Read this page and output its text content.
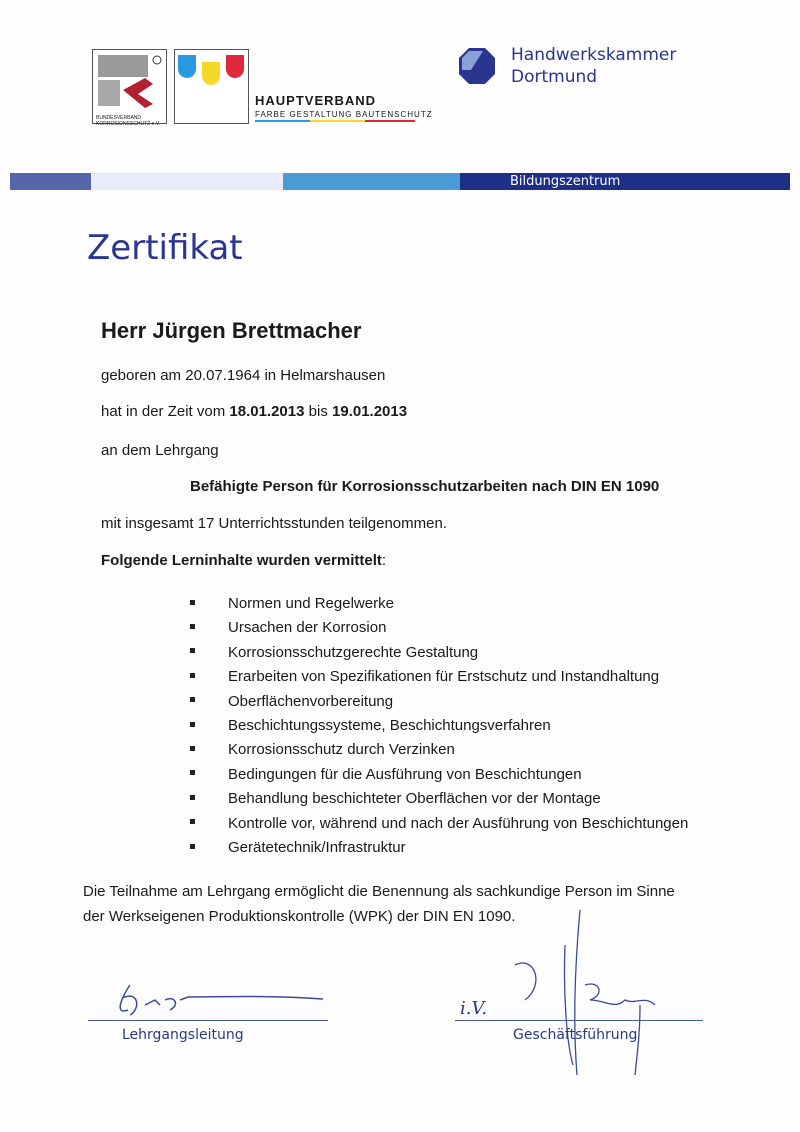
BUNDESVERBAND KORROSIONSSCHUTZ e.V.
HAUPTVERBAND
FARBE GESTALTUNG BAUTENSCHUTZ
Handwerkskammer
Dortmund
Bildungszentrum
Zertifikat
Herr Jürgen Brettmacher
geboren am 20.07.1964 in Helmarshausen
hat in der Zeit vom 18.01.2013 bis 19.01.2013
an dem Lehrgang
Befähigte Person für Korrosionsschutzarbeiten nach DIN EN 1090
mit insgesamt 17 Unterrichtsstunden teilgenommen.
Folgende Lerninhalte wurden vermittelt:
Normen und Regelwerke
Ursachen der Korrosion
Korrosionsschutzgerechte Gestaltung
Erarbeiten von Spezifikationen für Erstschutz und Instandhaltung
Oberflächenvorbereitung
Beschichtungssysteme, Beschichtungsverfahren
Korrosionsschutz durch Verzinken
Bedingungen für die Ausführung von Beschichtungen
Behandlung beschichteter Oberflächen vor der Montage
Kontrolle vor, während und nach der Ausführung von Beschichtungen
Gerätetechnik/Infrastruktur
Die Teilnahme am Lehrgang ermöglicht die Benennung als sachkundige Person im Sinne
der Werkseigenen Produktionskontrolle (WPK) der DIN EN 1090.
Lehrgangsleitung
i.V.
Geschäftsführung
